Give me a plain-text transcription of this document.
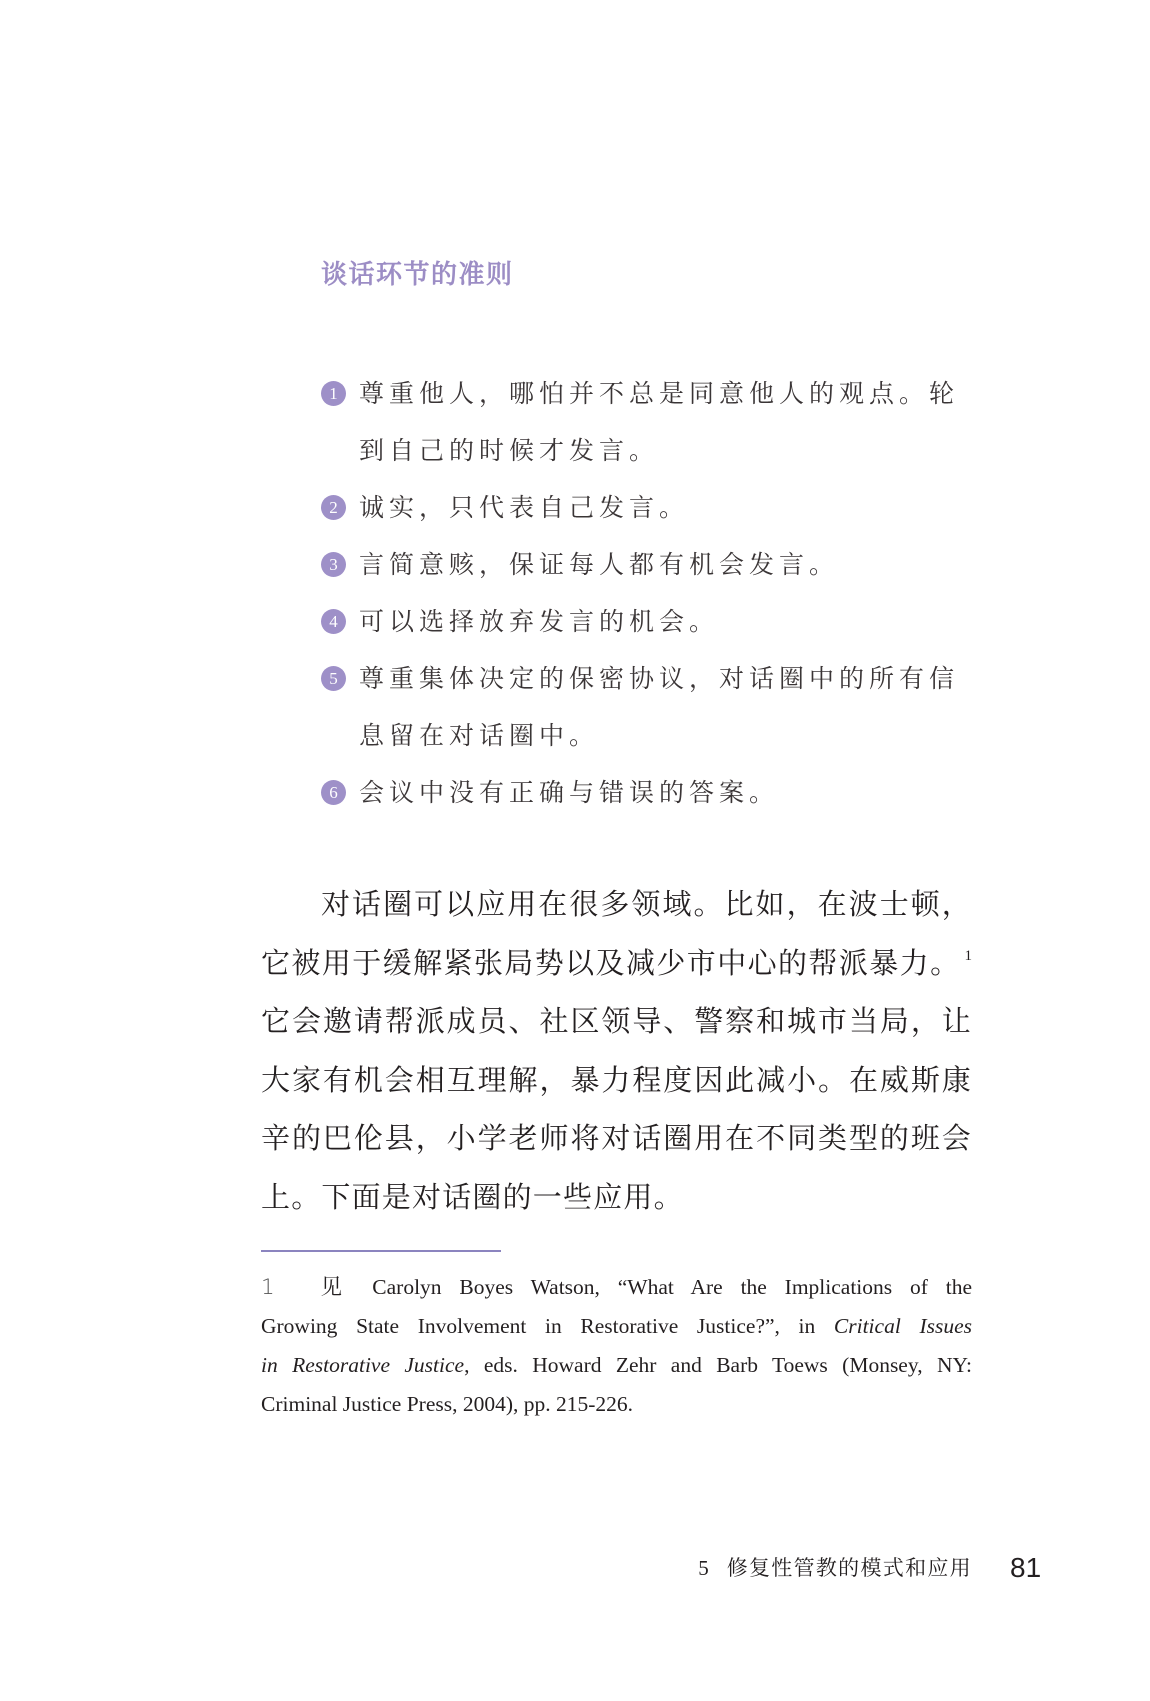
谈话环节的准则
1 尊重他人，哪怕并不总是同意他人的观点。轮
到自己的时候才发言。
2 诚实，只代表自己发言。
3 言简意赅，保证每人都有机会发言。
4 可以选择放弃发言的机会。
5 尊重集体决定的保密协议，对话圈中的所有信
息留在对话圈中。
6 会议中没有正确与错误的答案。
对话圈可以应用在很多领域。比如，在波士顿，
它被用于缓解紧张局势以及减少市中心的帮派暴力。 $^1$
它会邀请帮派成员、社区领导、警察和城市当局，让
大家有机会相互理解，暴力程度因此减小。在威斯康
辛的巴伦县，小学老师将对话圈用在不同类型的班会
上。下面是对话圈的一些应用。
1 见 Carolyn Boyes Watson, “What Are the Implications of the
Growing State Involvement in Restorative Justice?”, in Critical Issues
in Restorative Justice, eds. Howard Zehr and Barb Toews (Monsey, NY:
Criminal Justice Press, 2004), pp. 215-226.
5 修复性管教的模式和应用 81
